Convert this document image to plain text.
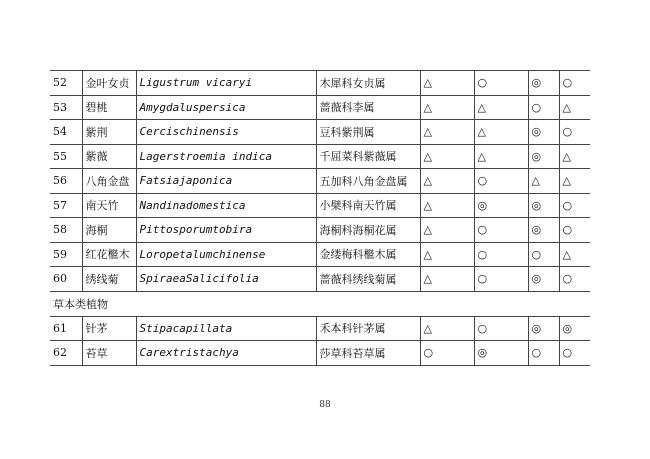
52	金叶女贞	Ligustrum vicaryi	木犀科女贞属	△	○	◎	○
53	碧桃	Amygdaluspersica	蔷薇科李属	△	△	○	△
54	紫荆	Cercischinensis	豆科紫荆属	△	△	◎	○
55	紫薇	Lagerstroemia indica	千屈菜科紫薇属	△	△	◎	△
56	八角金盘	Fatsiajaponica	五加科八角金盘属	△	○	△	△
57	南天竹	Nandinadomestica	小檗科南天竹属	△	◎	◎	○
58	海桐	Pittosporumtobira	海桐科海桐花属	△	○	◎	○
59	红花檵木	Loropetalumchinense	金缕梅科檵木属	△	○	○	△
60	绣线菊	SpiraeaSalicifolia	蔷薇科绣线菊属	△	○	◎	○
草本类植物							
61	针茅	Stipacapillata	禾本科针茅属	△	○	◎	◎
62	苔草	Carextristachya	莎草科苔草属	○	◎	○	○
88
